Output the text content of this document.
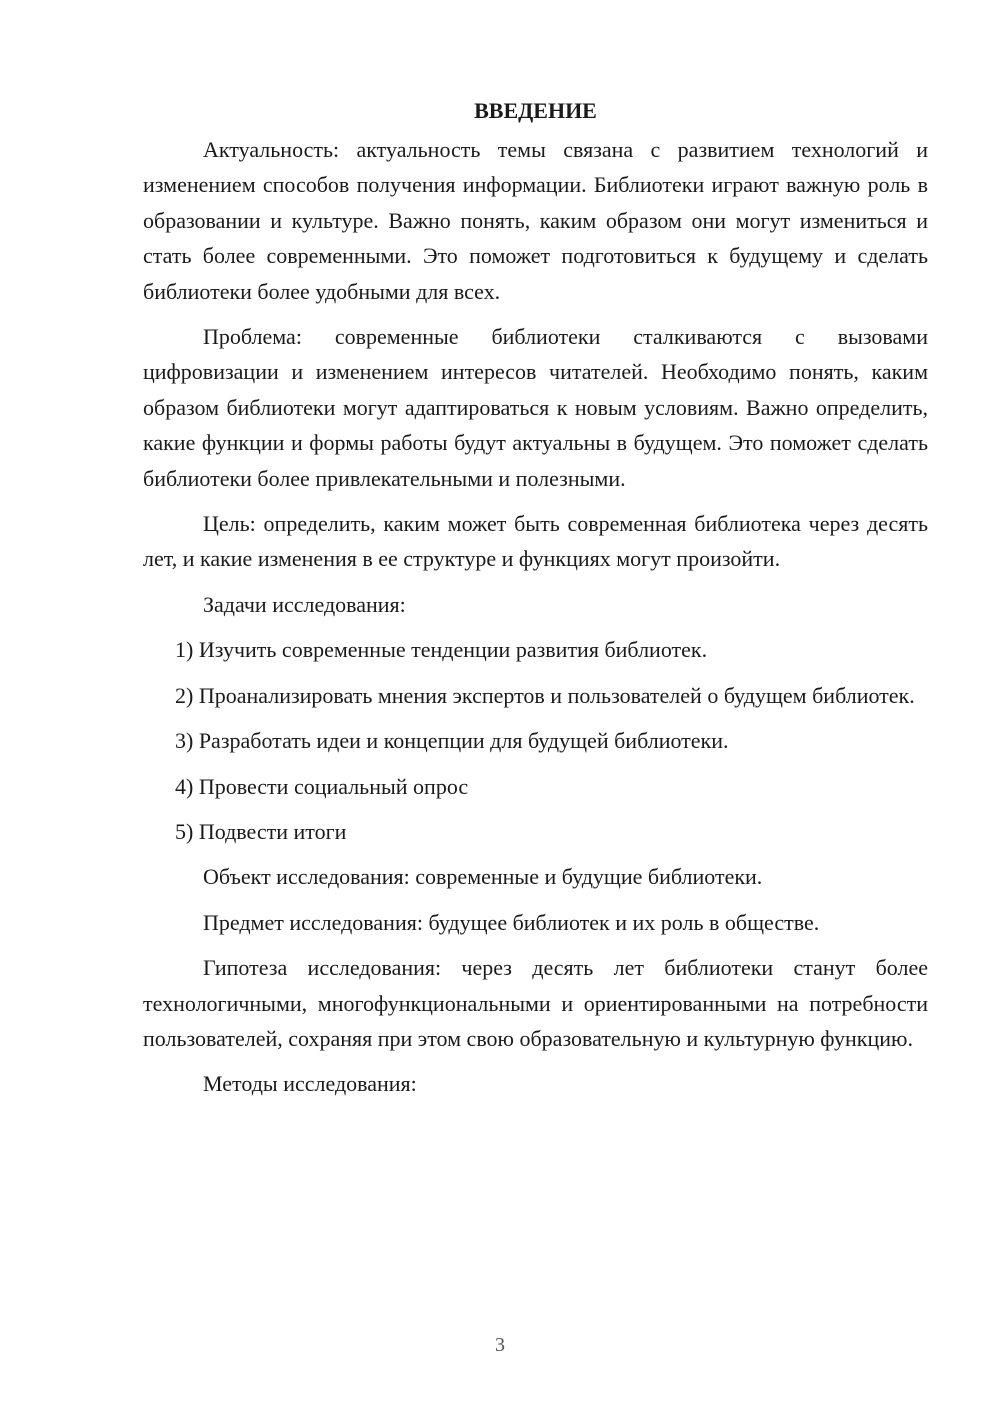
ВВЕДЕНИЕ

Актуальность: актуальность темы связана с развитием технологий и изменением способов получения информации. Библиотеки играют важную роль в образовании и культуре. Важно понять, каким образом они могут измениться и стать более современными. Это поможет подготовиться к будущему и сделать библиотеки более удобными для всех.

Проблема: современные библиотеки сталкиваются с вызовами цифровизации и изменением интересов читателей. Необходимо понять, каким образом библиотеки могут адаптироваться к новым условиям. Важно определить, какие функции и формы работы будут актуальны в будущем. Это поможет сделать библиотеки более привлекательными и полезными.

Цель: определить, каким может быть современная библиотека через десять лет, и какие изменения в ее структуре и функциях могут произойти.

Задачи исследования:

1) Изучить современные тенденции развития библиотек.

2) Проанализировать мнения экспертов и пользователей о будущем библиотек.

3) Разработать идеи и концепции для будущей библиотеки.

4) Провести социальный опрос

5) Подвести итоги

Объект исследования: современные и будущие библиотеки.

Предмет исследования: будущее библиотек и их роль в обществе.

Гипотеза исследования: через десять лет библиотеки станут более технологичными, многофункциональными и ориентированными на потребности пользователей, сохраняя при этом свою образовательную и культурную функцию.

Методы исследования:

3
